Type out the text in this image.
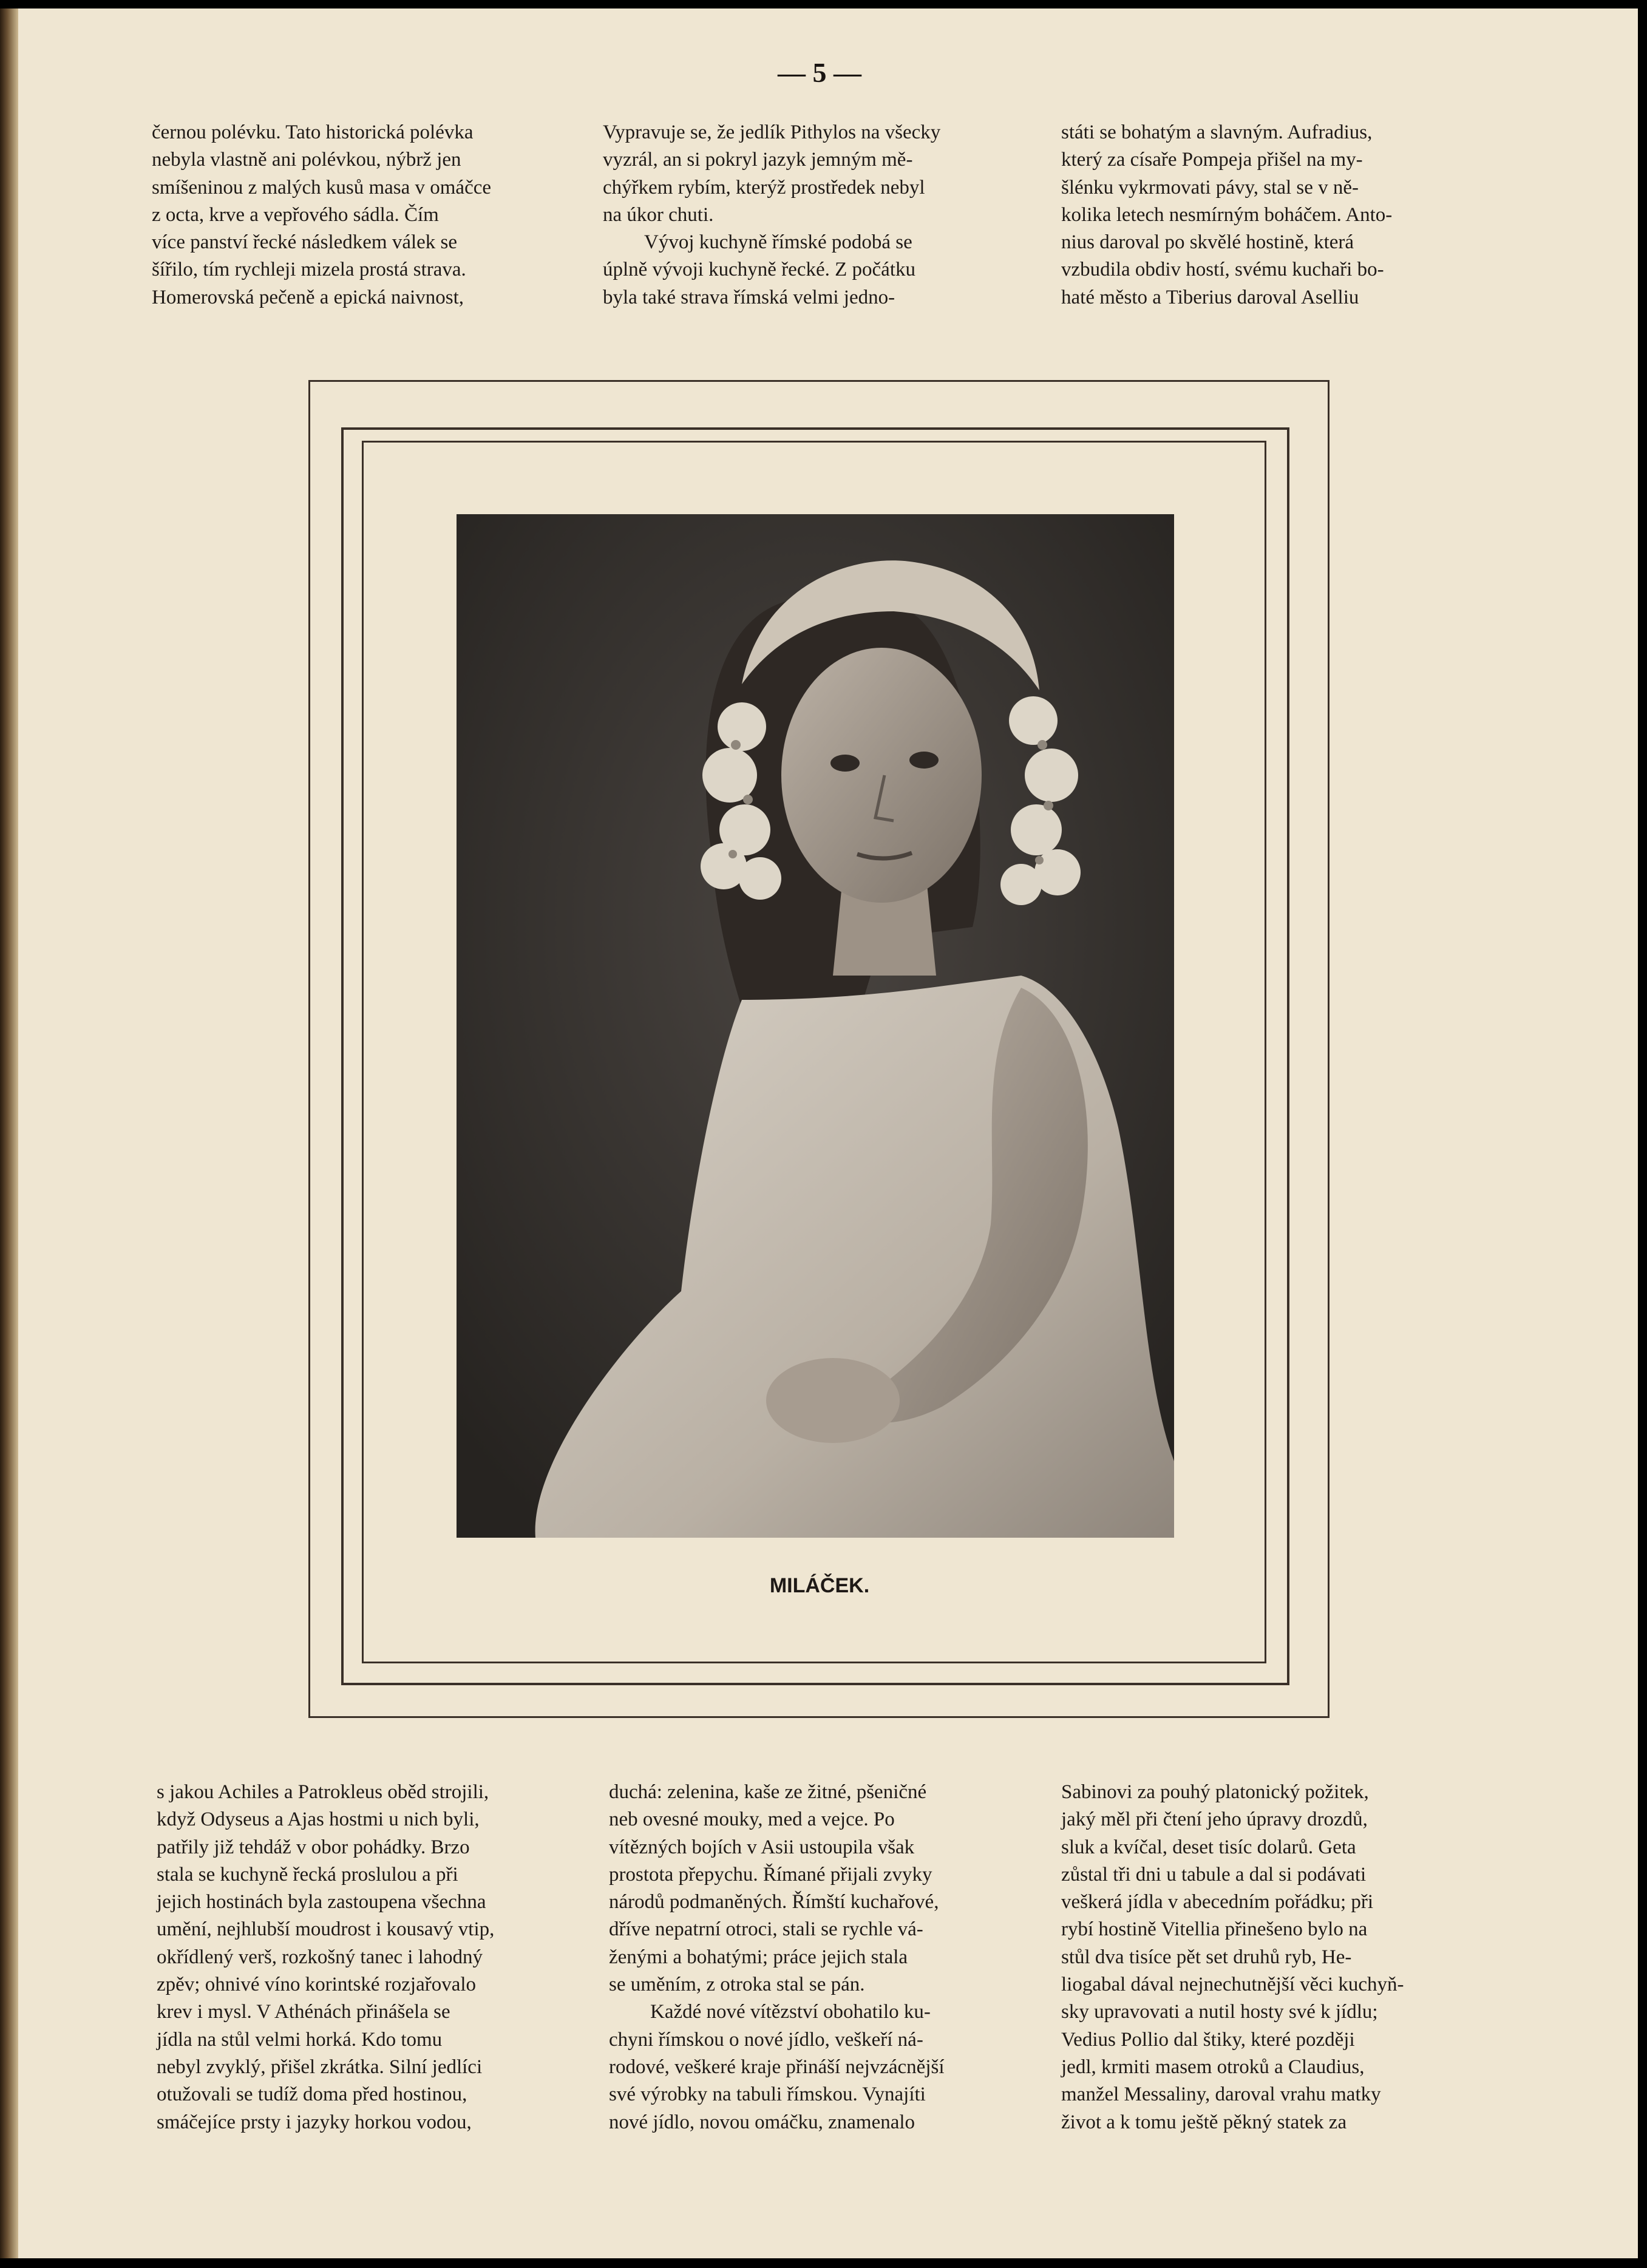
— 5 —

černou polévku. Tato historická polévka

nebyla vlastně ani polévkou, nýbrž jen

smíšeninou z malých kusů masa v omáčce

z octa, krve a vepřového sádla. Čím

více panství řecké následkem válek se

šířilo, tím rychleji mizela prostá strava.

Homerovská pečeně a epická naivnost,

Vypravuje se, že jedlík Pithylos na všecky

vyzrál, an si pokryl jazyk jemným mě-

chýřkem rybím, kterýž prostředek nebyl

na úkor chuti.

Vývoj kuchyně římské podobá se

úplně vývoji kuchyně řecké. Z počátku

byla také strava římská velmi jedno-

státi se bohatým a slavným. Aufradius,

který za císaře Pompeja přišel na my-

šlénku vykrmovati pávy, stal se v ně-

kolika letech nesmírným boháčem. Anto-

nius daroval po skvělé hostině, která

vzbudila obdiv hostí, svému kuchaři bo-

haté město a Tiberius daroval Aselliu

MILÁČEK.

s jakou Achiles a Patrokleus oběd strojili,

když Odyseus a Ajas hostmi u nich byli,

patřily již tehdáž v obor pohádky. Brzo

stala se kuchyně řecká proslulou a při

jejich hostinách byla zastoupena všechna

umění, nejhlubší moudrost i kousavý vtip,

okřídlený verš, rozkošný tanec i lahodný

zpěv; ohnivé víno korintské rozjařovalo

krev i mysl. V Athénách přinášela se

jídla na stůl velmi horká. Kdo tomu

nebyl zvyklý, přišel zkrátka. Silní jedlíci

otužovali se tudíž doma před hostinou,

smáčejíce prsty i jazyky horkou vodou,

duchá: zelenina, kaše ze žitné, pšeničné

neb ovesné mouky, med a vejce. Po

vítězných bojích v Asii ustoupila však

prostota přepychu. Římané přijali zvyky

národů podmaněných. Římští kuchařové,

dříve nepatrní otroci, stali se rychle vá-

ženými a bohatými; práce jejich stala

se uměním, z otroka stal se pán.

Každé nové vítězství obohatilo ku-

chyni římskou o nové jídlo, veškeří ná-

rodové, veškeré kraje přináší nejvzácnější

své výrobky na tabuli římskou. Vynajíti

nové jídlo, novou omáčku, znamenalo

Sabinovi za pouhý platonický požitek,

jaký měl při čtení jeho úpravy drozdů,

sluk a kvíčal, deset tisíc dolarů. Geta

zůstal tři dni u tabule a dal si podávati

veškerá jídla v abecedním pořádku; při

rybí hostině Vitellia přinešeno bylo na

stůl dva tisíce pět set druhů ryb, He-

liogabal dával nejnechutnější věci kuchyň-

sky upravovati a nutil hosty své k jídlu;

Vedius Pollio dal štiky, které později

jedl, krmiti masem otroků a Claudius,

manžel Messaliny, daroval vrahu matky

život a k tomu ještě pěkný statek za
